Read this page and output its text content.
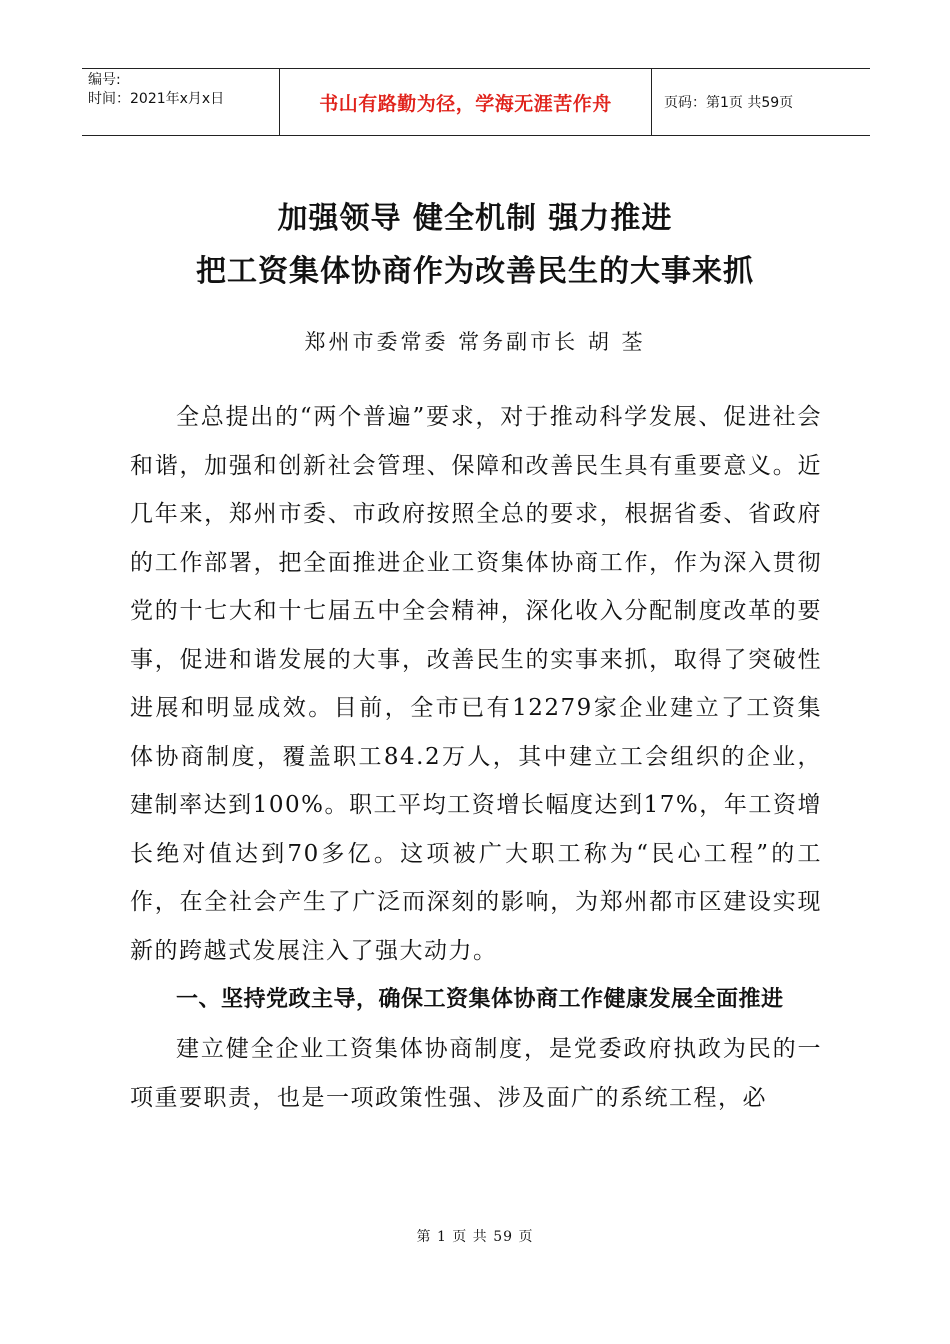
编号:
时间：2021年x月x日	书山有路勤为径，学海无涯苦作舟	页码：第1页 共59页
加强领导 健全机制 强力推进
把工资集体协商作为改善民生的大事来抓
郑州市委常委 常务副市长 胡 荃

全总提出的“两个普遍”要求，对于推动科学发展、促进社会和谐，加强和创新社会管理、保障和改善民生具有重要意义。近几年来，郑州市委、市政府按照全总的要求，根据省委、省政府的工作部署，把全面推进企业工资集体协商工作，作为深入贯彻党的十七大和十七届五中全会精神，深化收入分配制度改革的要事，促进和谐发展的大事，改善民生的实事来抓，取得了突破性进展和明显成效。目前，全市已有12279家企业建立了工资集体协商制度，覆盖职工84.2万人，其中建立工会组织的企业，建制率达到100%。职工平均工资增长幅度达到17%，年工资增长绝对值达到70多亿。这项被广大职工称为“民心工程”的工作，在全社会产生了广泛而深刻的影响，为郑州都市区建设实现新的跨越式发展注入了强大动力。

一、坚持党政主导，确保工资集体协商工作健康发展全面推进

建立健全企业工资集体协商制度，是党委政府执政为民的一项重要职责，也是一项政策性强、涉及面广的系统工程，必

第 1 页 共 59 页
